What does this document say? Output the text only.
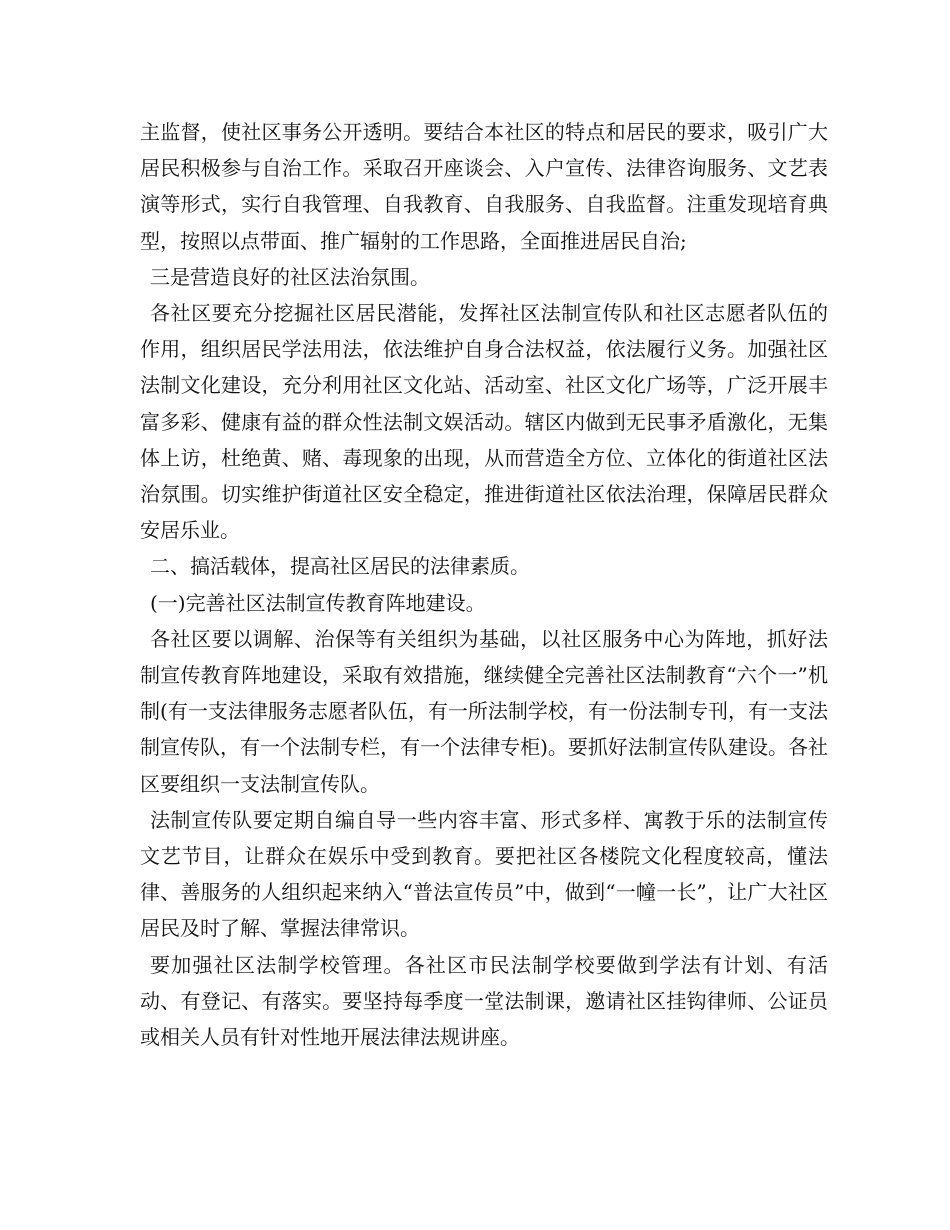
主监督，使社区事务公开透明。要结合本社区的特点和居民的要求，吸引广大居民积极参与自治工作。采取召开座谈会、入户宣传、法律咨询服务、文艺表演等形式，实行自我管理、自我教育、自我服务、自我监督。注重发现培育典型，按照以点带面、推广辐射的工作思路，全面推进居民自治;

三是营造良好的社区法治氛围。

各社区要充分挖掘社区居民潜能，发挥社区法制宣传队和社区志愿者队伍的作用，组织居民学法用法，依法维护自身合法权益，依法履行义务。加强社区法制文化建设，充分利用社区文化站、活动室、社区文化广场等，广泛开展丰富多彩、健康有益的群众性法制文娱活动。辖区内做到无民事矛盾激化，无集体上访，杜绝黄、赌、毒现象的出现，从而营造全方位、立体化的街道社区法治氛围。切实维护街道社区安全稳定，推进街道社区依法治理，保障居民群众安居乐业。

二、搞活载体，提高社区居民的法律素质。

(一)完善社区法制宣传教育阵地建设。

各社区要以调解、治保等有关组织为基础，以社区服务中心为阵地，抓好法制宣传教育阵地建设，采取有效措施，继续健全完善社区法制教育“六个一”机制(有一支法律服务志愿者队伍，有一所法制学校，有一份法制专刊，有一支法制宣传队，有一个法制专栏，有一个法律专柜)。要抓好法制宣传队建设。各社区要组织一支法制宣传队。

法制宣传队要定期自编自导一些内容丰富、形式多样、寓教于乐的法制宣传文艺节目，让群众在娱乐中受到教育。要把社区各楼院文化程度较高，懂法律、善服务的人组织起来纳入“普法宣传员”中，做到“一幢一长”，让广大社区居民及时了解、掌握法律常识。

要加强社区法制学校管理。各社区市民法制学校要做到学法有计划、有活动、有登记、有落实。要坚持每季度一堂法制课，邀请社区挂钩律师、公证员或相关人员有针对性地开展法律法规讲座。
